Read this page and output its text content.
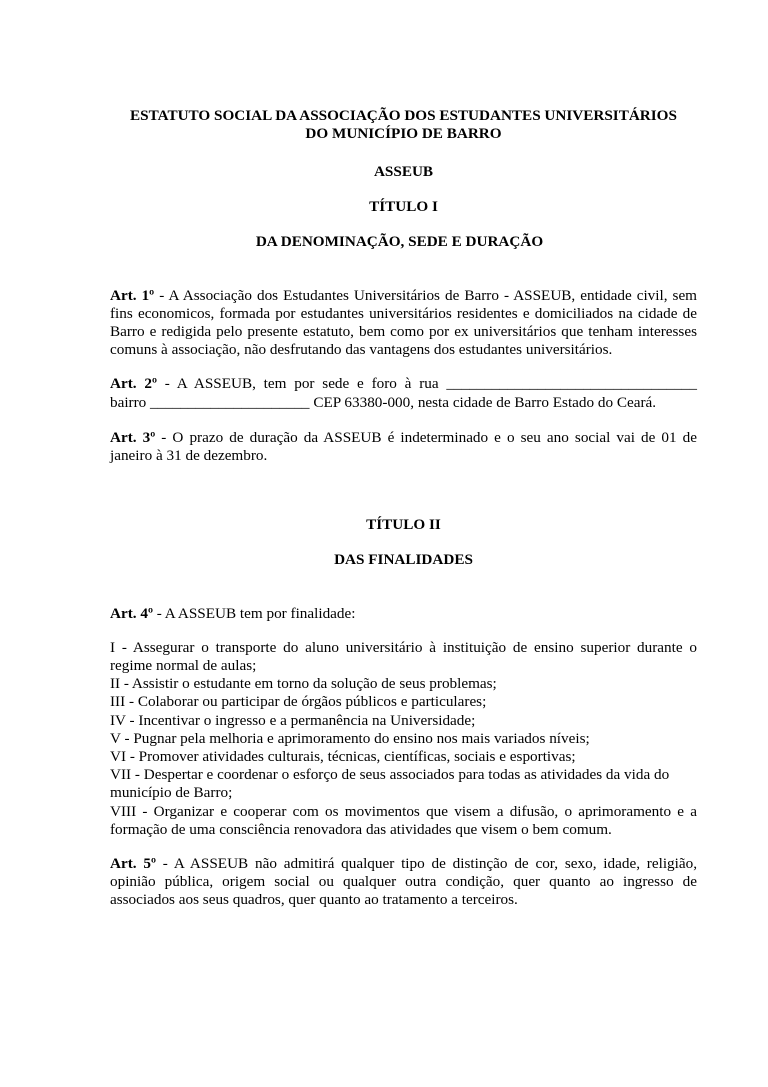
ESTATUTO SOCIAL DA ASSOCIAÇÃO DOS ESTUDANTES UNIVERSITÁRIOS
DO MUNICÍPIO DE BARRO

ASSEUB

TÍTULO I

DA DENOMINAÇÃO, SEDE E DURAÇÃO

Art. 1º - A Associação dos Estudantes Universitários de Barro - ASSEUB, entidade civil, sem fins economicos, formada por estudantes universitários residentes e domiciliados na cidade de Barro e redigida pelo presente estatuto, bem como por ex universitários que tenham interesses comuns à associação, não desfrutando das vantagens dos estudantes universitários.

Art. 2º - A ASSEUB, tem por sede e foro à rua _________________________________
bairro _____________________ CEP 63380-000, nesta cidade de Barro Estado do Ceará.

Art. 3º - O prazo de duração da ASSEUB é indeterminado e o seu ano social vai de 01 de janeiro à 31 de dezembro.

TÍTULO II

DAS FINALIDADES

Art. 4º - A ASSEUB tem por finalidade:

I - Assegurar o transporte do aluno universitário à instituição de ensino superior durante o regime normal de aulas;
II - Assistir o estudante em torno da solução de seus problemas;
III - Colaborar ou participar de órgãos públicos e particulares;
IV - Incentivar o ingresso e a permanência na Universidade;
V - Pugnar pela melhoria e aprimoramento do ensino nos mais variados níveis;
VI - Promover atividades culturais, técnicas, científicas, sociais e esportivas;
VII - Despertar e coordenar o esforço de seus associados para todas as atividades da vida do município de Barro;
VIII - Organizar e cooperar com os movimentos que visem a difusão, o aprimoramento e a formação de uma consciência renovadora das atividades que visem o bem comum.

Art. 5º - A ASSEUB não admitirá qualquer tipo de distinção de cor, sexo, idade, religião, opinião pública, origem social ou qualquer outra condição, quer quanto ao ingresso de associados aos seus quadros, quer quanto ao tratamento a terceiros.
